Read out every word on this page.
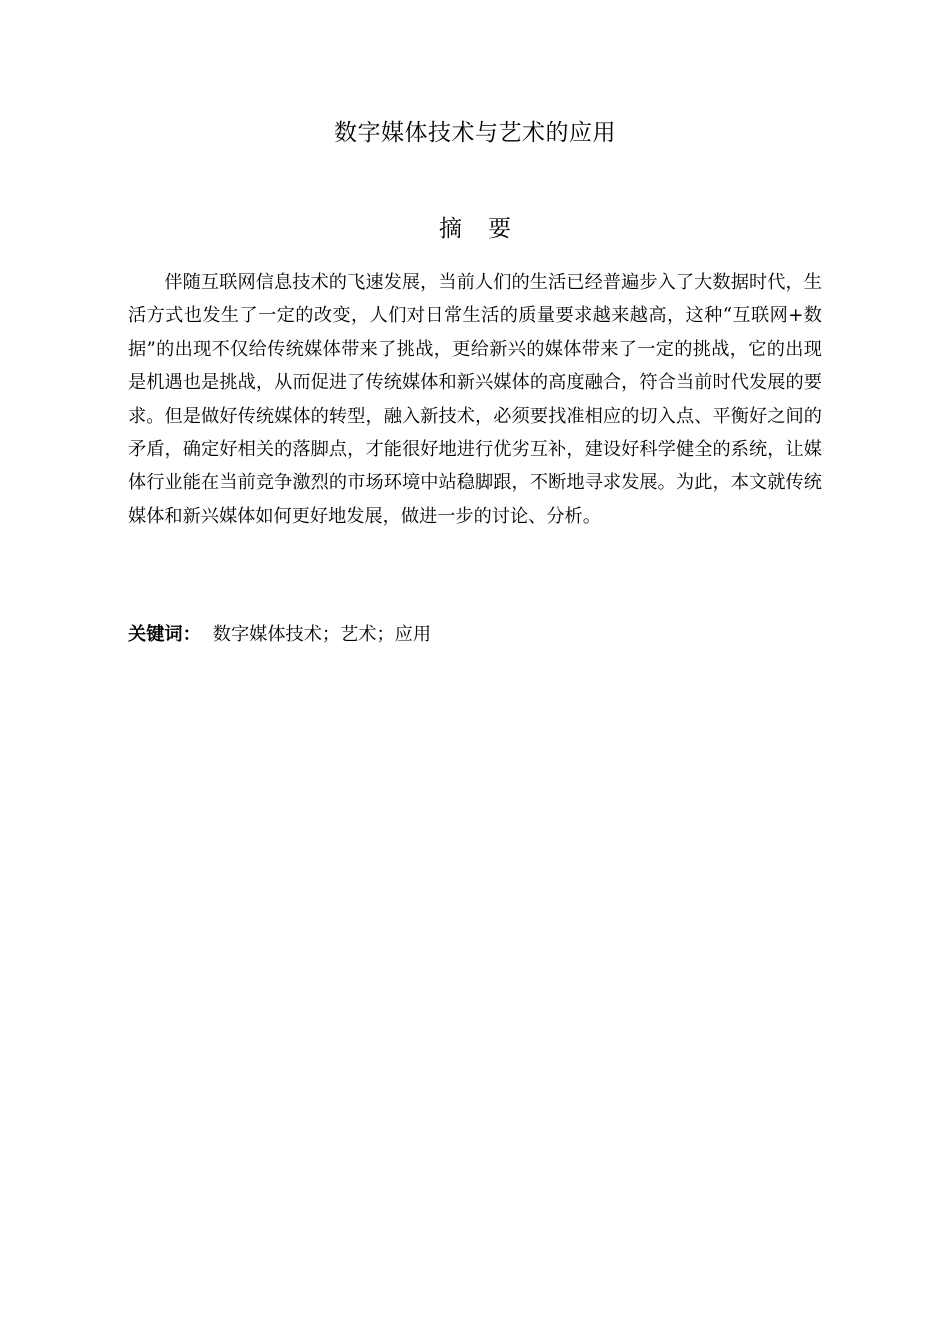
数字媒体技术与艺术的应用
摘要
伴随互联网信息技术的飞速发展，当前人们的生活已经普遍步入了大数据时代，生活方式也发生了一定的改变，人们对日常生活的质量要求越来越高，这种“互联网+数据”的出现不仅给传统媒体带来了挑战，更给新兴的媒体带来了一定的挑战，它的出现是机遇也是挑战，从而促进了传统媒体和新兴媒体的高度融合，符合当前时代发展的要求。但是做好传统媒体的转型，融入新技术，必须要找准相应的切入点、平衡好之间的矛盾，确定好相关的落脚点，才能很好地进行优劣互补，建设好科学健全的系统，让媒体行业能在当前竞争激烈的市场环境中站稳脚跟，不断地寻求发展。为此，本文就传统媒体和新兴媒体如何更好地发展，做进一步的讨论、分析。
关键词： 数字媒体技术；艺术；应用
